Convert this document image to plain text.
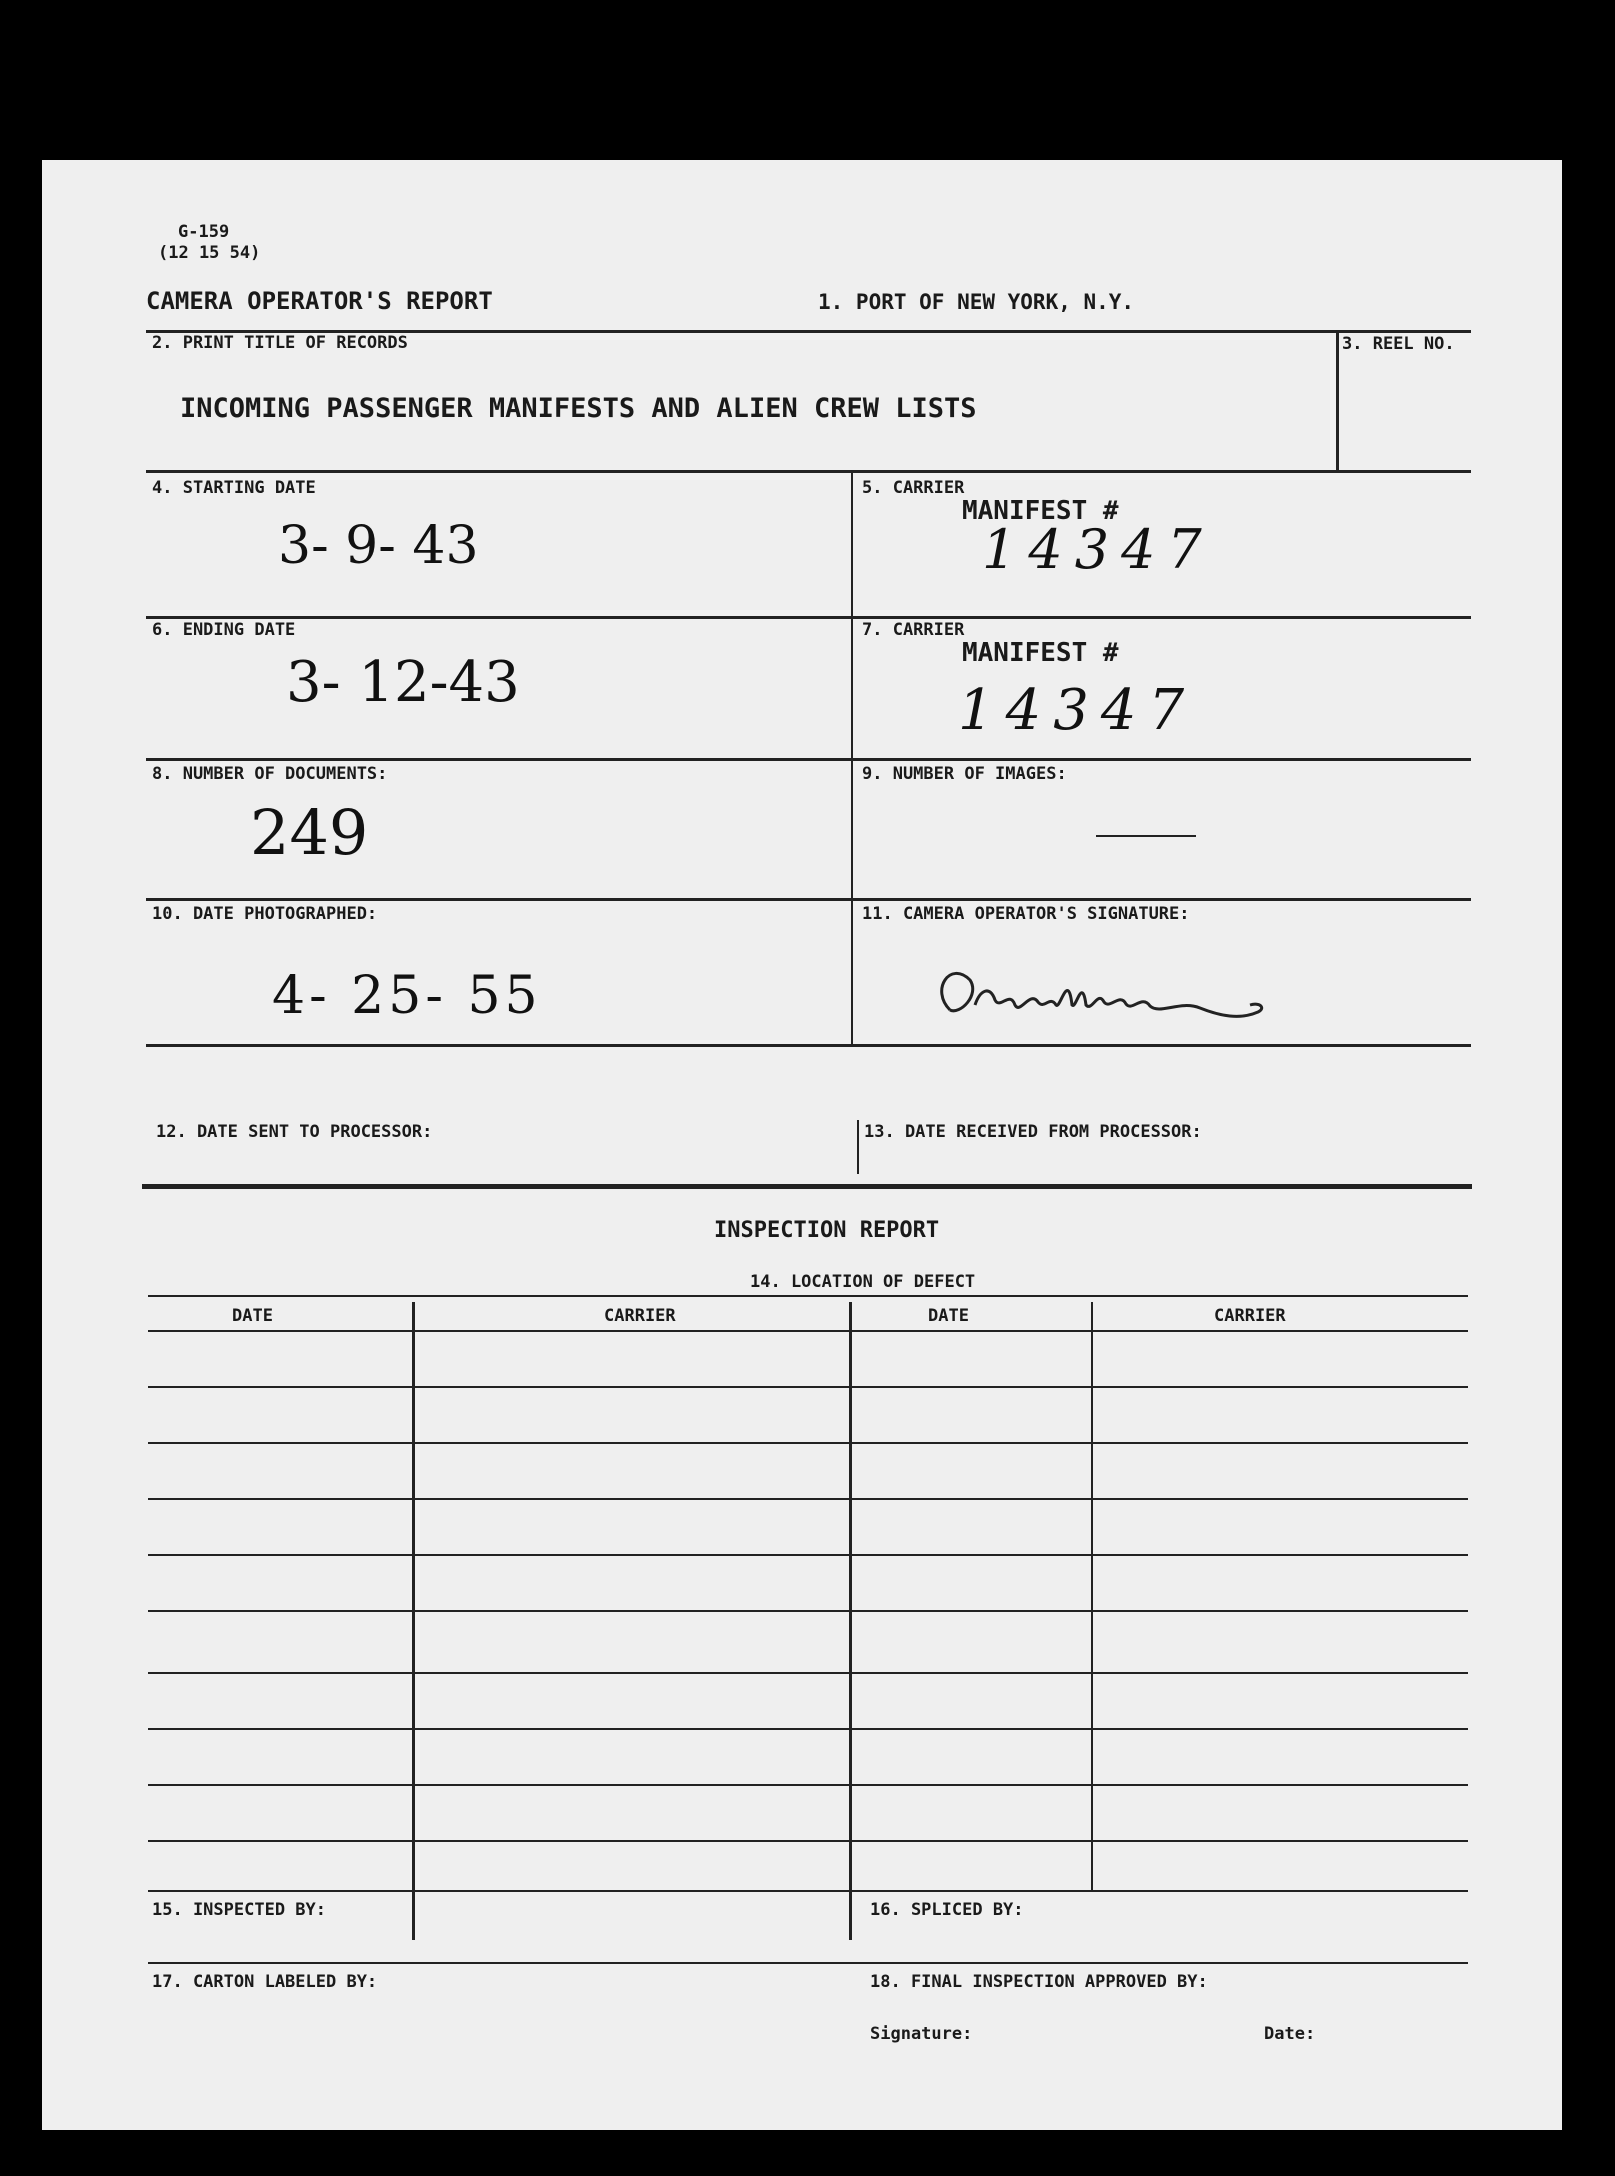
G-159
(12 15 54)
CAMERA OPERATOR'S REPORT	1. PORT OF NEW YORK, N.Y.
2. PRINT TITLE OF RECORDS
INCOMING PASSENGER MANIFESTS AND ALIEN CREW LISTS
3. REEL NO.
4. STARTING DATE
3- 9- 43
5. CARRIER
MANIFEST #
14347
6. ENDING DATE
3- 12-43
7. CARRIER
MANIFEST #
14347
8. NUMBER OF DOCUMENTS:
249
9. NUMBER OF IMAGES:
10. DATE PHOTOGRAPHED:
4- 25- 55
11. CAMERA OPERATOR'S SIGNATURE:
12. DATE SENT TO PROCESSOR:	13. DATE RECEIVED FROM PROCESSOR:
INSPECTION REPORT
14. LOCATION OF DEFECT
DATE	CARRIER	DATE	CARRIER
15. INSPECTED BY:	16. SPLICED BY:
17. CARTON LABELED BY:	18. FINAL INSPECTION APPROVED BY:
Signature:	Date:
